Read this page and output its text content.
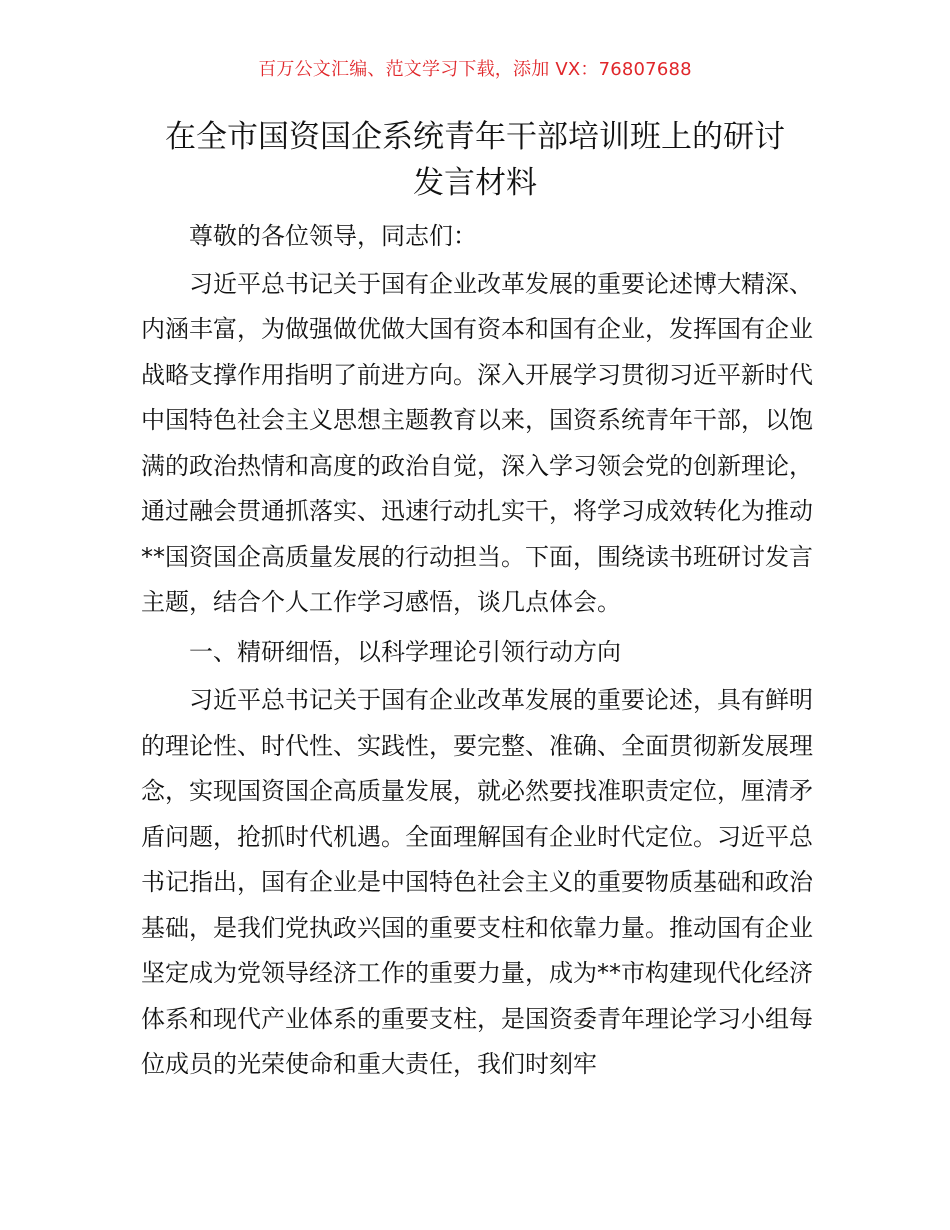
百万公文汇编、范文学习下载，添加 VX：76807688
在全市国资国企系统青年干部培训班上的研讨
发言材料

尊敬的各位领导，同志们：

习近平总书记关于国有企业改革发展的重要论述博大精深、内涵丰富，为做强做优做大国有资本和国有企业，发挥国有企业战略支撑作用指明了前进方向。深入开展学习贯彻习近平新时代中国特色社会主义思想主题教育以来，国资系统青年干部，以饱满的政治热情和高度的政治自觉，深入学习领会党的创新理论，通过融会贯通抓落实、迅速行动扎实干，将学习成效转化为推动**国资国企高质量发展的行动担当。下面，围绕读书班研讨发言主题，结合个人工作学习感悟，谈几点体会。

一、精研细悟，以科学理论引领行动方向

习近平总书记关于国有企业改革发展的重要论述，具有鲜明的理论性、时代性、实践性，要完整、准确、全面贯彻新发展理念，实现国资国企高质量发展，就必然要找准职责定位，厘清矛盾问题，抢抓时代机遇。全面理解国有企业时代定位。习近平总书记指出，国有企业是中国特色社会主义的重要物质基础和政治基础，是我们党执政兴国的重要支柱和依靠力量。推动国有企业坚定成为党领导经济工作的重要力量，成为**市构建现代化经济体系和现代产业体系的重要支柱，是国资委青年理论学习小组每位成员的光荣使命和重大责任，我们时刻牢
